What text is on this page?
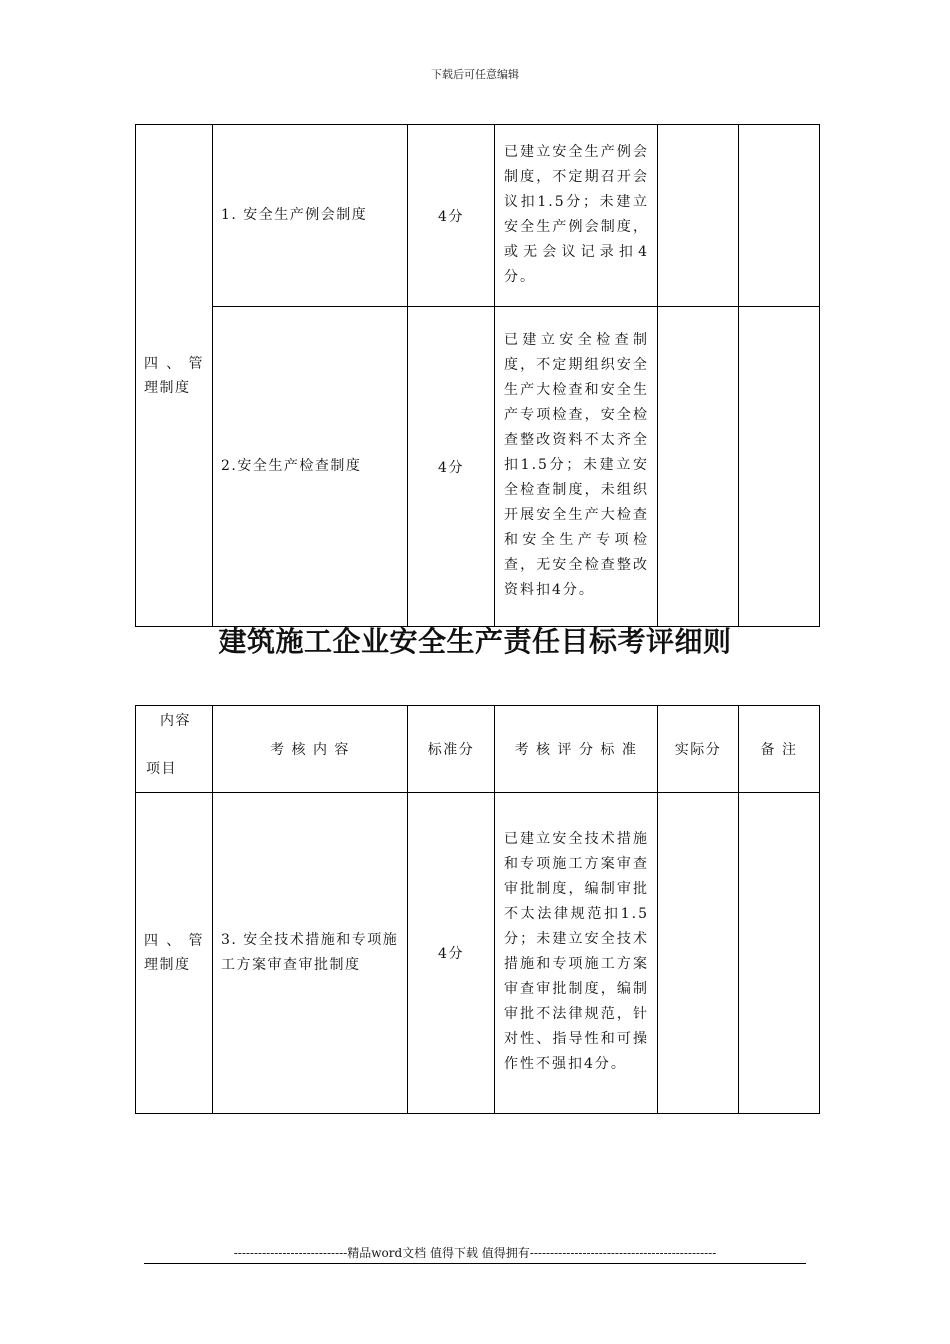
下载后可任意编辑
四 、 管
理制度	1. 安全生产例会制度	4分	已建立安全生产例会制度，不定期召开会议扣1.5分；未建立安全生产例会制度，或无会议记录扣4分。		
	2.安全生产检查制度	4分	已建立安全检查制度，不定期组织安全生产大检查和安全生产专项检查，安全检查整改资料不太齐全扣1.5分；未建立安全检查制度，未组织开展安全生产大检查和安全生产专项检查，无安全检查整改资料扣4分。		
建筑施工企业安全生产责任目标考评细则
内容
项目	考 核 内 容	标准分	考 核 评 分 标 准	实际分	备 注

四 、 管
理制度	3. 安全技术措施和专项施工方案审查审批制度	4分	已建立安全技术措施和专项施工方案审查审批制度，编制审批不太法律规范扣1.5分；未建立安全技术措施和专项施工方案审查审批制度，编制审批不法律规范，针对性、指导性和可操作性不强扣4分。		
----------------------------精品word文档 值得下载 值得拥有----------------------------------------------
